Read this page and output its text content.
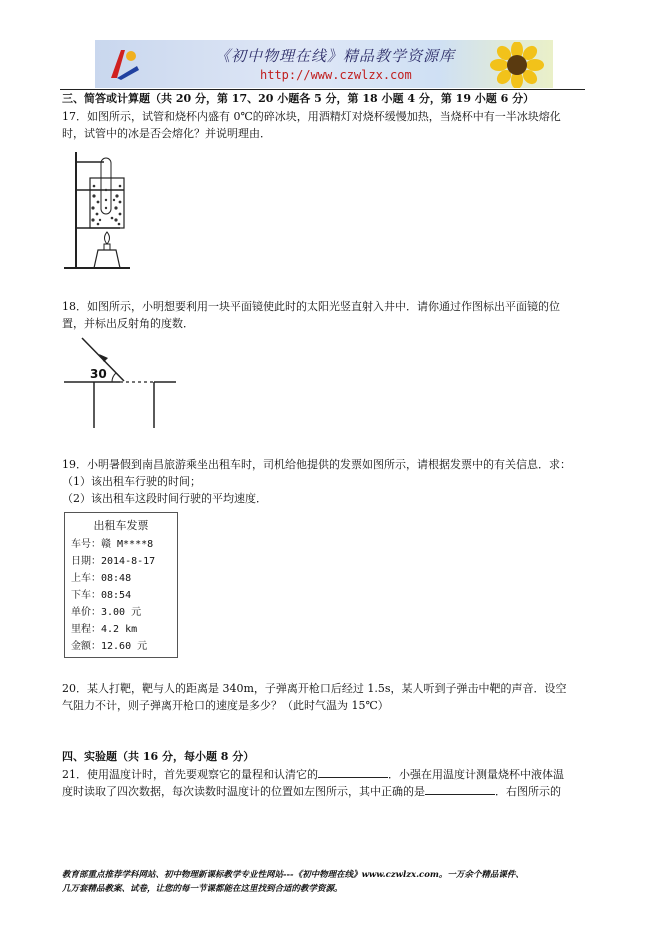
《初中物理在线》精品教学资源库
http://www.czwlzx.com
三、简答或计算题（共 20 分，第 17、20 小题各 5 分，第 18 小题 4 分，第 19 小题 6 分）
17．如图所示，试管和烧杯内盛有 0℃的碎冰块，用酒精灯对烧杯缓慢加热，当烧杯中有一半冰块熔化
时，试管中的冰是否会熔化？并说明理由．
18．如图所示，小明想要利用一块平面镜使此时的太阳光竖直射入井中．请你通过作图标出平面镜的位
置，并标出反射角的度数．
30
19．小明暑假到南昌旅游乘坐出租车时，司机给他提供的发票如图所示，请根据发票中的有关信息．求：
（1）该出租车行驶的时间；
（2）该出租车这段时间行驶的平均速度．
出租车发票
车号：赣 M****8
日期：2014-8-17
上车：08:48
下车：08:54
单价：3.00 元
里程：4.2 km
金额：12.60 元
20．某人打靶，靶与人的距离是 340m，子弹离开枪口后经过 1.5s，某人听到子弹击中靶的声音．设空
气阻力不计，则子弹离开枪口的速度是多少？（此时气温为 15℃）
四、实验题（共 16 分，每小题 8 分）
21．使用温度计时，首先要观察它的量程和认清它的	．小强在用温度计测量烧杯中液体温
度时读取了四次数据，每次读数时温度计的位置如左图所示，其中正确的是	．右图所示的
教育部重点推荐学科网站、初中物理新课标教学专业性网站---《初中物理在线》www.czwlzx.com。一万余个精品课件、
几万套精品教案、试卷，让您的每一节课都能在这里找到合适的教学资源。
